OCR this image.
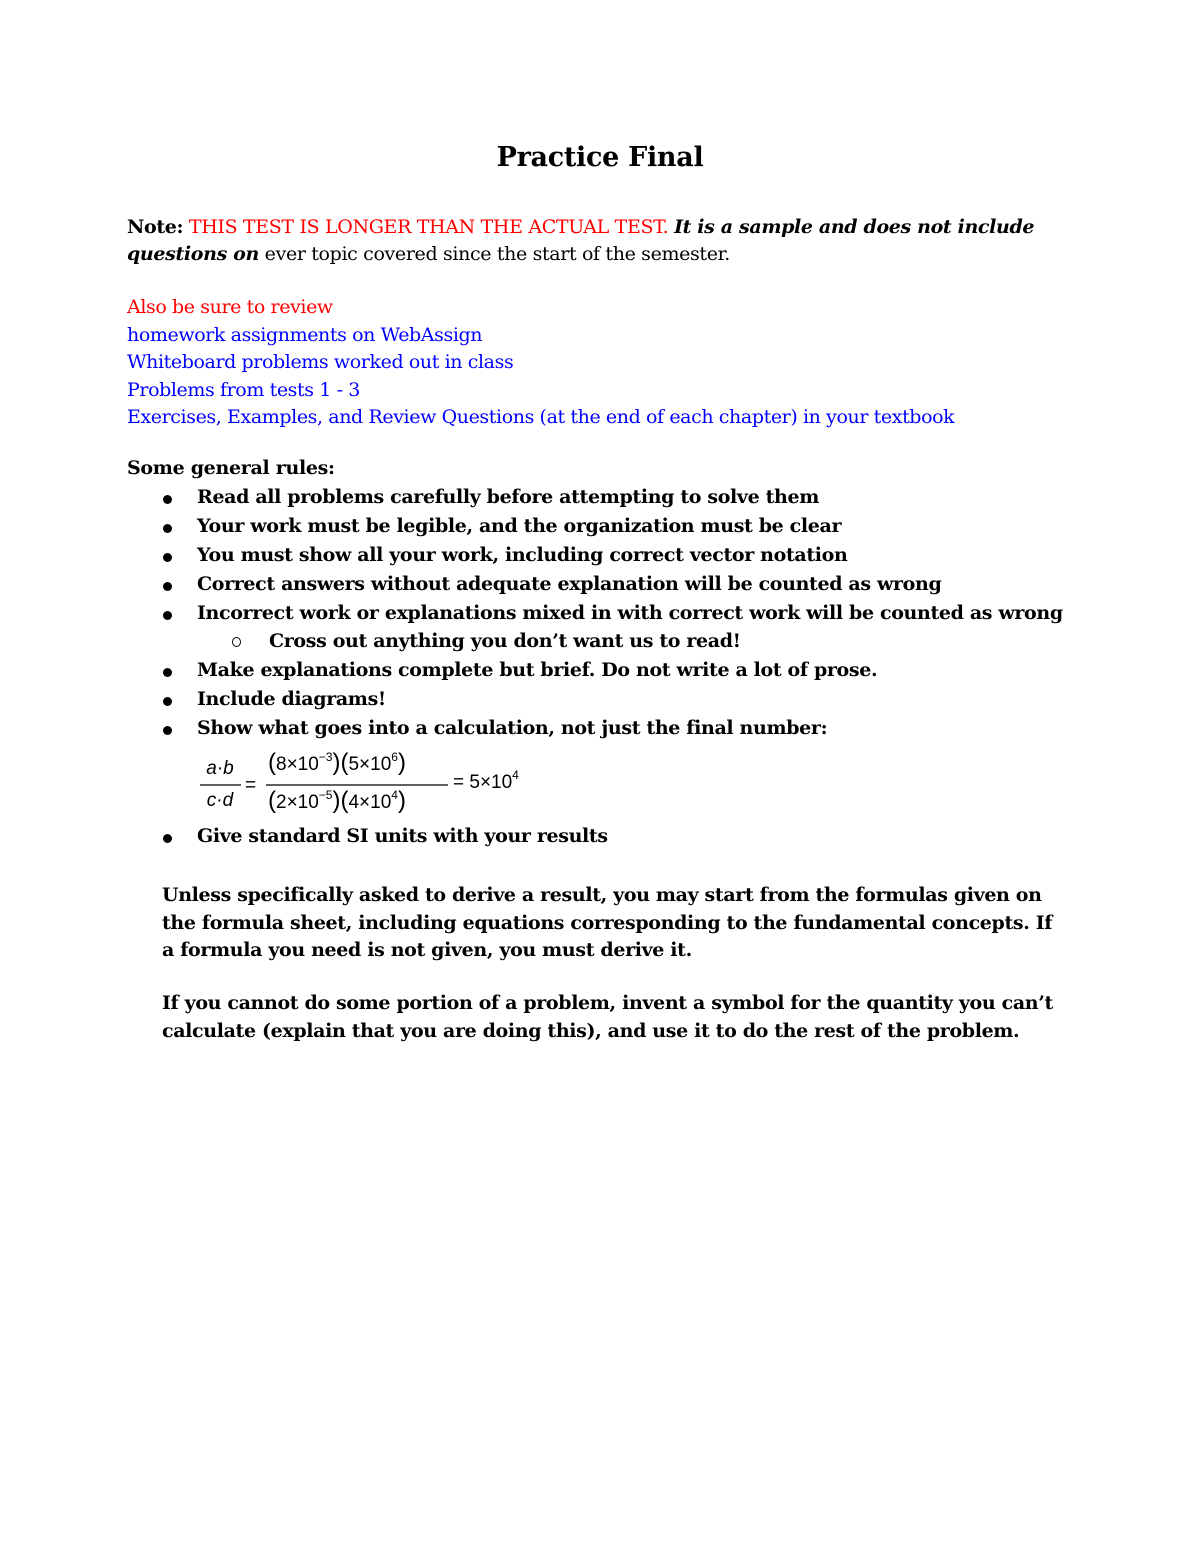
Practice Final
Note: THIS TEST IS LONGER THAN THE ACTUAL TEST. It is a sample and does not include questions on ever topic covered since the start of the semester.
Also be sure to review
homework assignments on WebAssign
Whiteboard problems worked out in class
Problems from tests 1 - 3
Exercises, Examples, and Review Questions (at the end of each chapter) in your textbook
Some general rules:
Read all problems carefully before attempting to solve them
Your work must be legible, and the organization must be clear
You must show all your work, including correct vector notation
Correct answers without adequate explanation will be counted as wrong
Incorrect work or explanations mixed in with correct work will be counted as wrong
Cross out anything you don’t want us to read!
Make explanations complete but brief. Do not write a lot of prose.
Include diagrams!
Show what goes into a calculation, not just the final number:
Give standard SI units with your results
a·b
c·d
=
$(8\times 10^{-3})(5\times 10^6)$
$(2\times 10^{-5})(4\times 10^4)$
= $5\times 10^4$
Unless specifically asked to derive a result, you may start from the formulas given on the formula sheet, including equations corresponding to the fundamental concepts. If a formula you need is not given, you must derive it.
If you cannot do some portion of a problem, invent a symbol for the quantity you can’t calculate (explain that you are doing this), and use it to do the rest of the problem.
